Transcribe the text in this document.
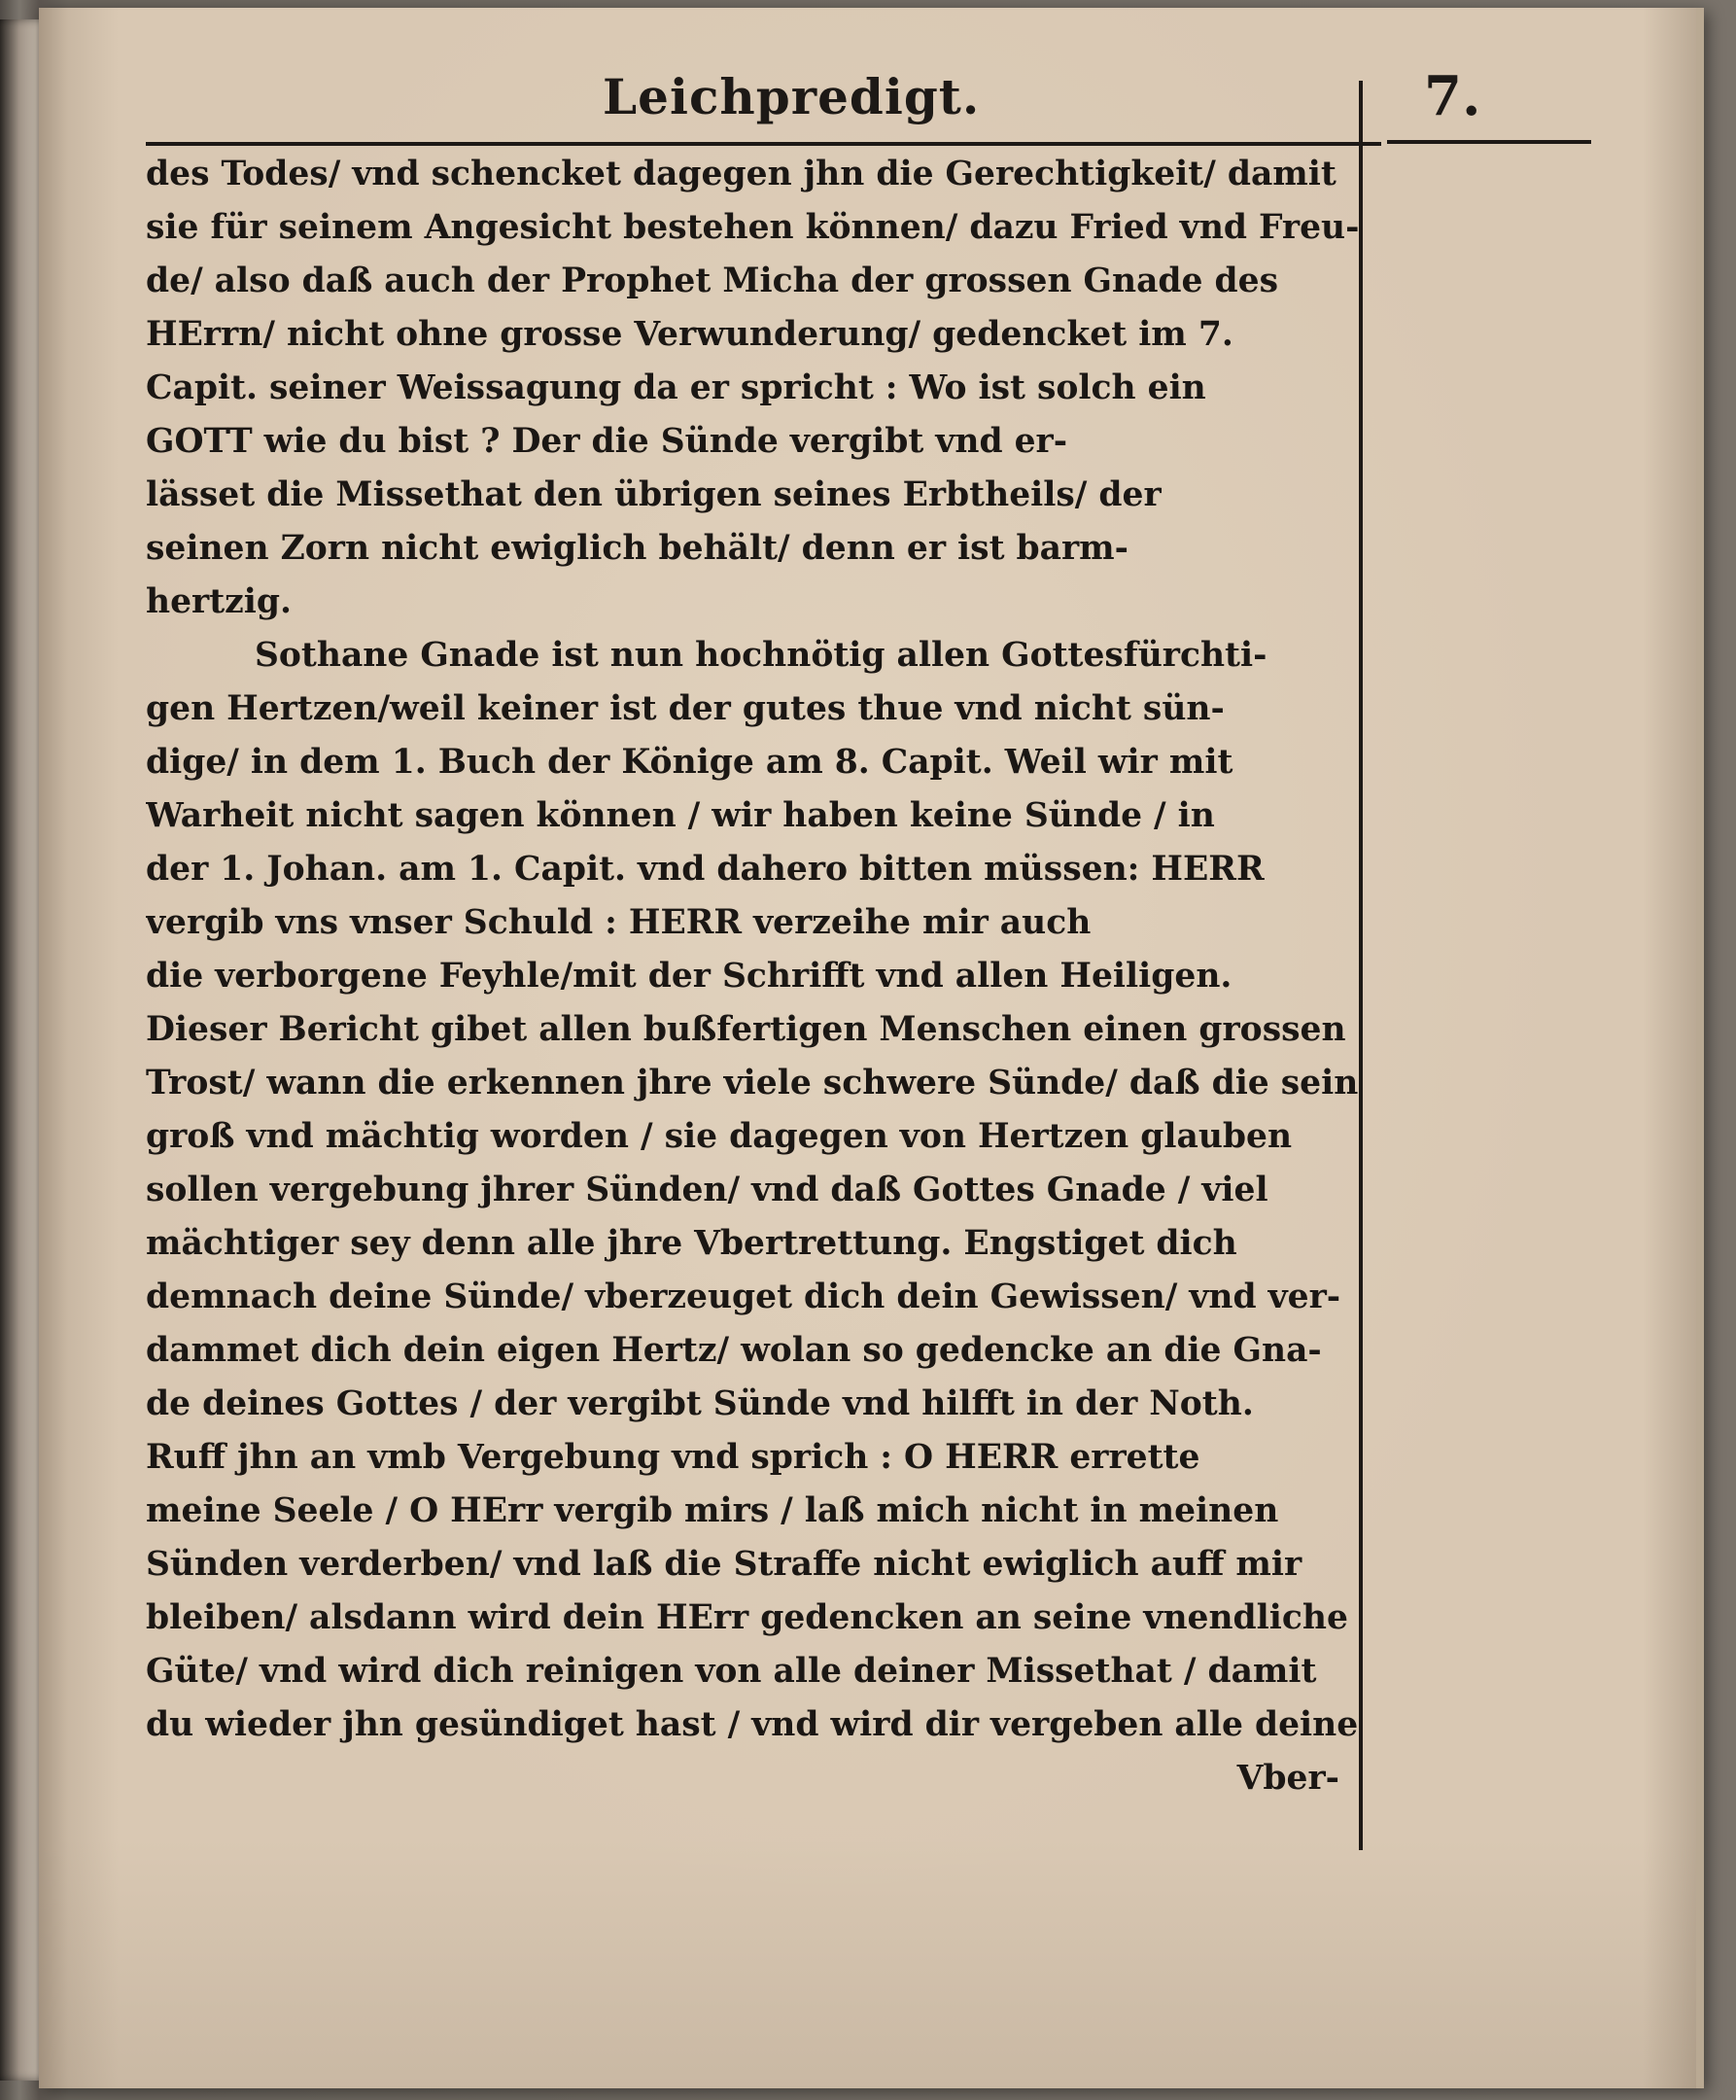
Leichpredigt.	7.

des Todes/ vnd schencket dagegen jhn die Gerechtigkeit/ damit

sie für seinem Angesicht bestehen können/ dazu Fried vnd Freu-

de/ also daß auch der Prophet Micha der grossen Gnade des

HErrn/ nicht ohne grosse Verwunderung/ gedencket im 7.

Capit. seiner Weissagung da er spricht : Wo ist solch ein

GOTT wie du bist ? Der die Sünde vergibt vnd er-

lässet die Missethat den übrigen seines Erbtheils/ der

seinen Zorn nicht ewiglich behält/ denn er ist barm-

hertzig.

Sothane Gnade ist nun hochnötig allen Gottesfürchti-

gen Hertzen/weil keiner ist der gutes thue vnd nicht sün-

dige/ in dem 1. Buch der Könige am 8. Capit. Weil wir mit

Warheit nicht sagen können / wir haben keine Sünde / in

der 1. Johan. am 1. Capit. vnd dahero bitten müssen: HERR

vergib vns vnser Schuld : HERR verzeihe mir auch

die verborgene Feyhle/mit der Schrifft vnd allen Heiligen.

Dieser Bericht gibet allen bußfertigen Menschen einen grossen

Trost/ wann die erkennen jhre viele schwere Sünde/ daß die sein

groß vnd mächtig worden / sie dagegen von Hertzen glauben

sollen vergebung jhrer Sünden/ vnd daß Gottes Gnade / viel

mächtiger sey denn alle jhre Vbertrettung. Engstiget dich

demnach deine Sünde/ vberzeuget dich dein Gewissen/ vnd ver-

dammet dich dein eigen Hertz/ wolan so gedencke an die Gna-

de deines Gottes / der vergibt Sünde vnd hilfft in der Noth.

Ruff jhn an vmb Vergebung vnd sprich : O HERR errette

meine Seele / O HErr vergib mirs / laß mich nicht in meinen

Sünden verderben/ vnd laß die Straffe nicht ewiglich auff mir

bleiben/ alsdann wird dein HErr gedencken an seine vnendliche

Güte/ vnd wird dich reinigen von alle deiner Missethat / damit

du wieder jhn gesündiget hast / vnd wird dir vergeben alle deine

Vber-
